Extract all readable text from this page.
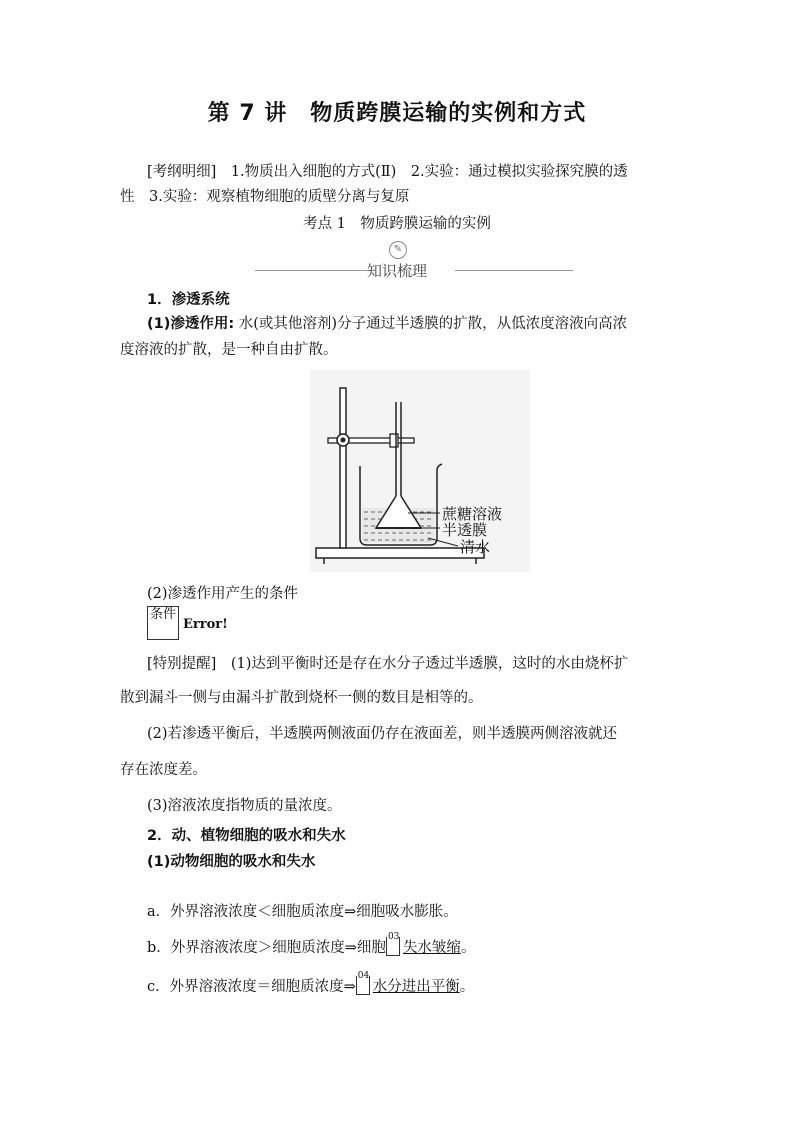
第 7 讲　物质跨膜运输的实例和方式
[考纲明细]　1.物质出入细胞的方式(Ⅱ)　2.实验：通过模拟实验探究膜的透
性　3.实验：观察植物细胞的质壁分离与复原
考点 1　物质跨膜运输的实例
✎
知识梳理
1．渗透系统
(1)渗透作用: 水(或其他溶剂)分子通过半透膜的扩散，从低浓度溶液向高浓
度溶液的扩散，是一种自由扩散。
蔗糖溶液
半透膜
清水
(2)渗透作用产生的条件
条件
Error!
[特别提醒]　(1)达到平衡时还是存在水分子透过半透膜，这时的水由烧杯扩
散到漏斗一侧与由漏斗扩散到烧杯一侧的数目是相等的。
(2)若渗透平衡后，半透膜两侧液面仍存在液面差，则半透膜两侧溶液就还
存在浓度差。
(3)溶液浓度指物质的量浓度。
2．动、植物细胞的吸水和失水
(1)动物细胞的吸水和失水
a．外界溶液浓度＜细胞质浓度⇒细胞吸水膨胀。
b．外界溶液浓度＞细胞质浓度⇒细胞
03
失水皱缩。
c．外界溶液浓度＝细胞质浓度⇒
04
水分进出平衡。
